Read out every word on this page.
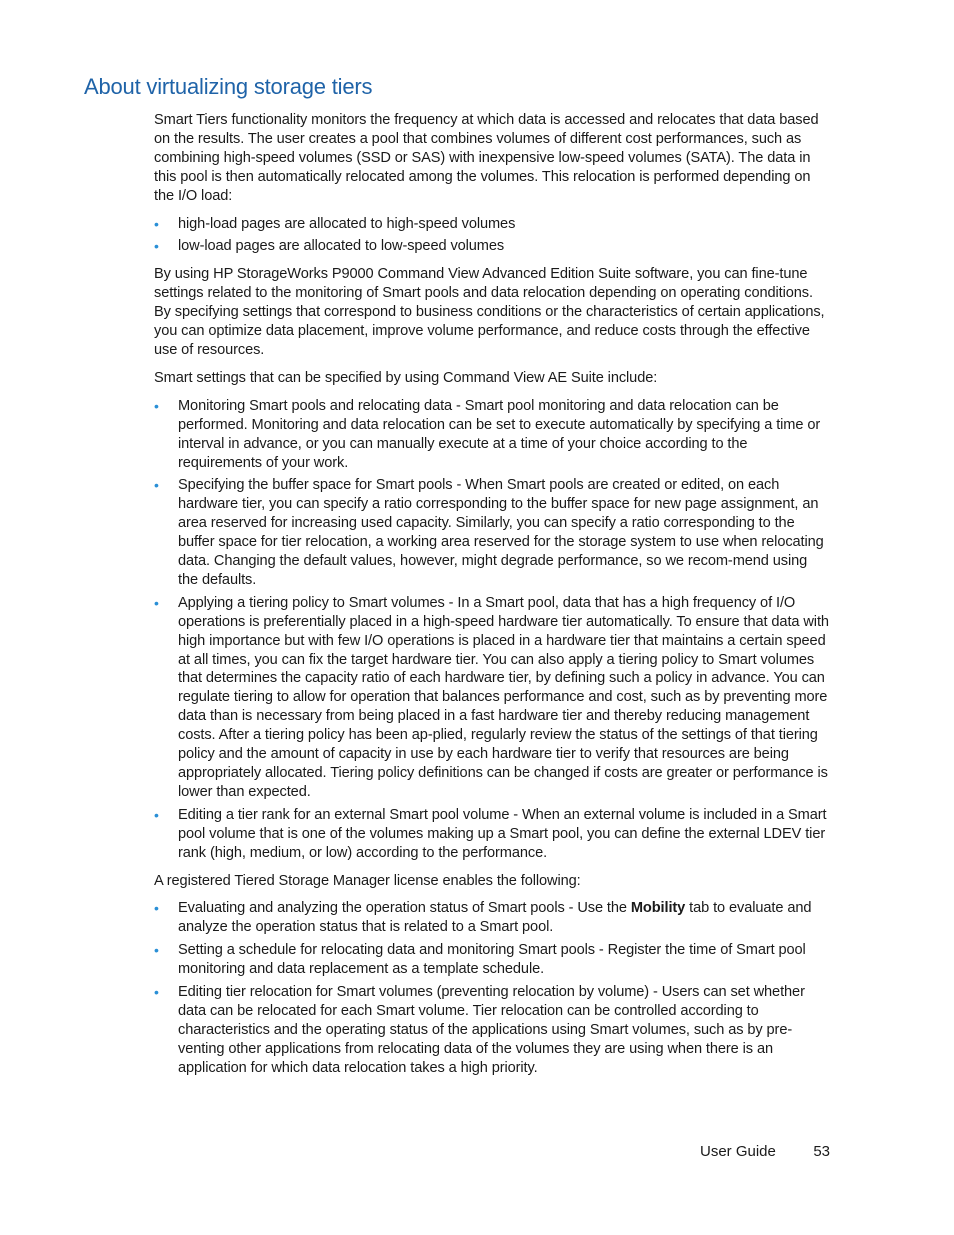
About virtualizing storage tiers

Smart Tiers functionality monitors the frequency at which data is accessed and relocates that data based on the results. The user creates a pool that combines volumes of different cost performances, such as combining high-speed volumes (SSD or SAS) with inexpensive low-speed volumes (SATA). The data in this pool is then automatically relocated among the volumes. This relocation is performed depending on the I/O load:

• high-load pages are allocated to high-speed volumes
• low-load pages are allocated to low-speed volumes

By using HP StorageWorks P9000 Command View Advanced Edition Suite software, you can fine-tune settings related to the monitoring of Smart pools and data relocation depending on operating conditions. By specifying settings that correspond to business conditions or the characteristics of certain applications, you can optimize data placement, improve volume performance, and reduce costs through the effective use of resources.

Smart settings that can be specified by using Command View AE Suite include:

• Monitoring Smart pools and relocating data - Smart pool monitoring and data relocation can be performed. Monitoring and data relocation can be set to execute automatically by specifying a time or interval in advance, or you can manually execute at a time of your choice according to the requirements of your work.
• Specifying the buffer space for Smart pools - When Smart pools are created or edited, on each hardware tier, you can specify a ratio corresponding to the buffer space for new page assignment, an area reserved for increasing used capacity. Similarly, you can specify a ratio corresponding to the buffer space for tier relocation, a working area reserved for the storage system to use when relocating data. Changing the default values, however, might degrade performance, so we recom-mend using the defaults.
• Applying a tiering policy to Smart volumes - In a Smart pool, data that has a high frequency of I/O operations is preferentially placed in a high-speed hardware tier automatically. To ensure that data with high importance but with few I/O operations is placed in a hardware tier that maintains a certain speed at all times, you can fix the target hardware tier. You can also apply a tiering policy to Smart volumes that determines the capacity ratio of each hardware tier, by defining such a policy in advance. You can regulate tiering to allow for operation that balances performance and cost, such as by preventing more data than is necessary from being placed in a fast hardware tier and thereby reducing management costs. After a tiering policy has been ap-plied, regularly review the status of the settings of that tiering policy and the amount of capacity in use by each hardware tier to verify that resources are being appropriately allocated. Tiering policy definitions can be changed if costs are greater or performance is lower than expected.
• Editing a tier rank for an external Smart pool volume - When an external volume is included in a Smart pool volume that is one of the volumes making up a Smart pool, you can define the external LDEV tier rank (high, medium, or low) according to the performance.

A registered Tiered Storage Manager license enables the following:

• Evaluating and analyzing the operation status of Smart pools - Use the Mobility tab to evaluate and analyze the operation status that is related to a Smart pool.
• Setting a schedule for relocating data and monitoring Smart pools - Register the time of Smart pool monitoring and data replacement as a template schedule.
• Editing tier relocation for Smart volumes (preventing relocation by volume) - Users can set whether data can be relocated for each Smart volume. Tier relocation can be controlled according to characteristics and the operating status of the applications using Smart volumes, such as by pre-venting other applications from relocating data of the volumes they are using when there is an application for which data relocation takes a high priority.
User Guide 53
